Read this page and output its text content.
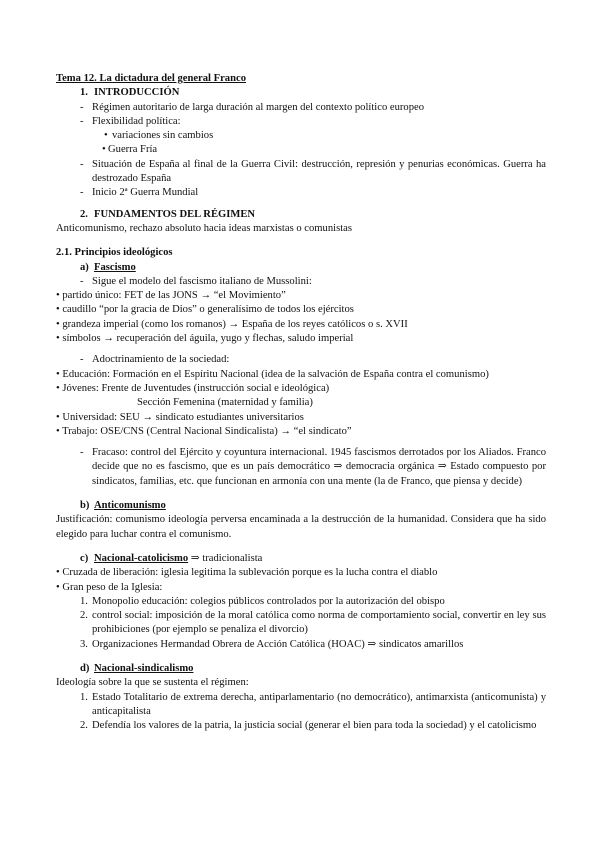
Tema 12. La dictadura del general Franco
1. INTRODUCCIÓN
- Régimen autoritario de larga duración al margen del contexto político europeo
- Flexibilidad política:
• variaciones sin cambios
• Guerra Fría
- Situación de España al final de la Guerra Civil: destrucción, represión y penurias económicas. Guerra ha destrozado España
- Inicio 2ª Guerra Mundial
2. FUNDAMENTOS DEL RÉGIMEN
Anticomunismo, rechazo absoluto hacia ideas marxistas o comunistas
2.1. Principios ideológicos
a) Fascismo
- Sigue el modelo del fascismo italiano de Mussolini:
• partido único: FET de las JONS → “el Movimiento”
• caudillo “por la gracia de Dios” o generalísimo de todos los ejércitos
• grandeza imperial (como los romanos) → España de los reyes católicos o s. XVII
• símbolos → recuperación del águila, yugo y flechas, saludo imperial
- Adoctrinamiento de la sociedad:
• Educación: Formación en el Espíritu Nacional (idea de la salvación de España contra el comunismo)
• Jóvenes: Frente de Juventudes (instrucción social e ideológica)
Sección Femenina (maternidad y familia)
• Universidad: SEU → sindicato estudiantes universitarios
• Trabajo: OSE/CNS (Central Nacional Sindicalista) → “el sindicato”
- Fracaso: control del Ejército y coyuntura internacional. 1945 fascismos derrotados por los Aliados. Franco decide que no es fascismo, que es un país democrático ⇒ democracia orgánica ⇒ Estado compuesto por sindicatos, familias, etc. que funcionan en armonía con una mente (la de Franco, que piensa y decide)
b) Anticomunismo
Justificación: comunismo ideología perversa encaminada a la destrucción de la humanidad. Considera que ha sido elegido para luchar contra el comunismo.
c) Nacional-catolicismo ⇒ tradicionalista
• Cruzada de liberación: iglesia legitima la sublevación porque es la lucha contra el diablo
• Gran peso de la Iglesia:
1. Monopolio educación: colegios públicos controlados por la autorización del obispo
2. control social: imposición de la moral católica como norma de comportamiento social, convertir en ley sus prohibiciones (por ejemplo se penaliza el divorcio)
3. Organizaciones Hermandad Obrera de Acción Católica (HOAC) ⇒ sindicatos amarillos
d) Nacional-sindicalismo
Ideología sobre la que se sustenta el régimen:
1. Estado Totalitario de extrema derecha, antiparlamentario (no democrático), antimarxista (anticomunista) y anticapitalista
2. Defendía los valores de la patria, la justicia social (generar el bien para toda la sociedad) y el catolicismo
